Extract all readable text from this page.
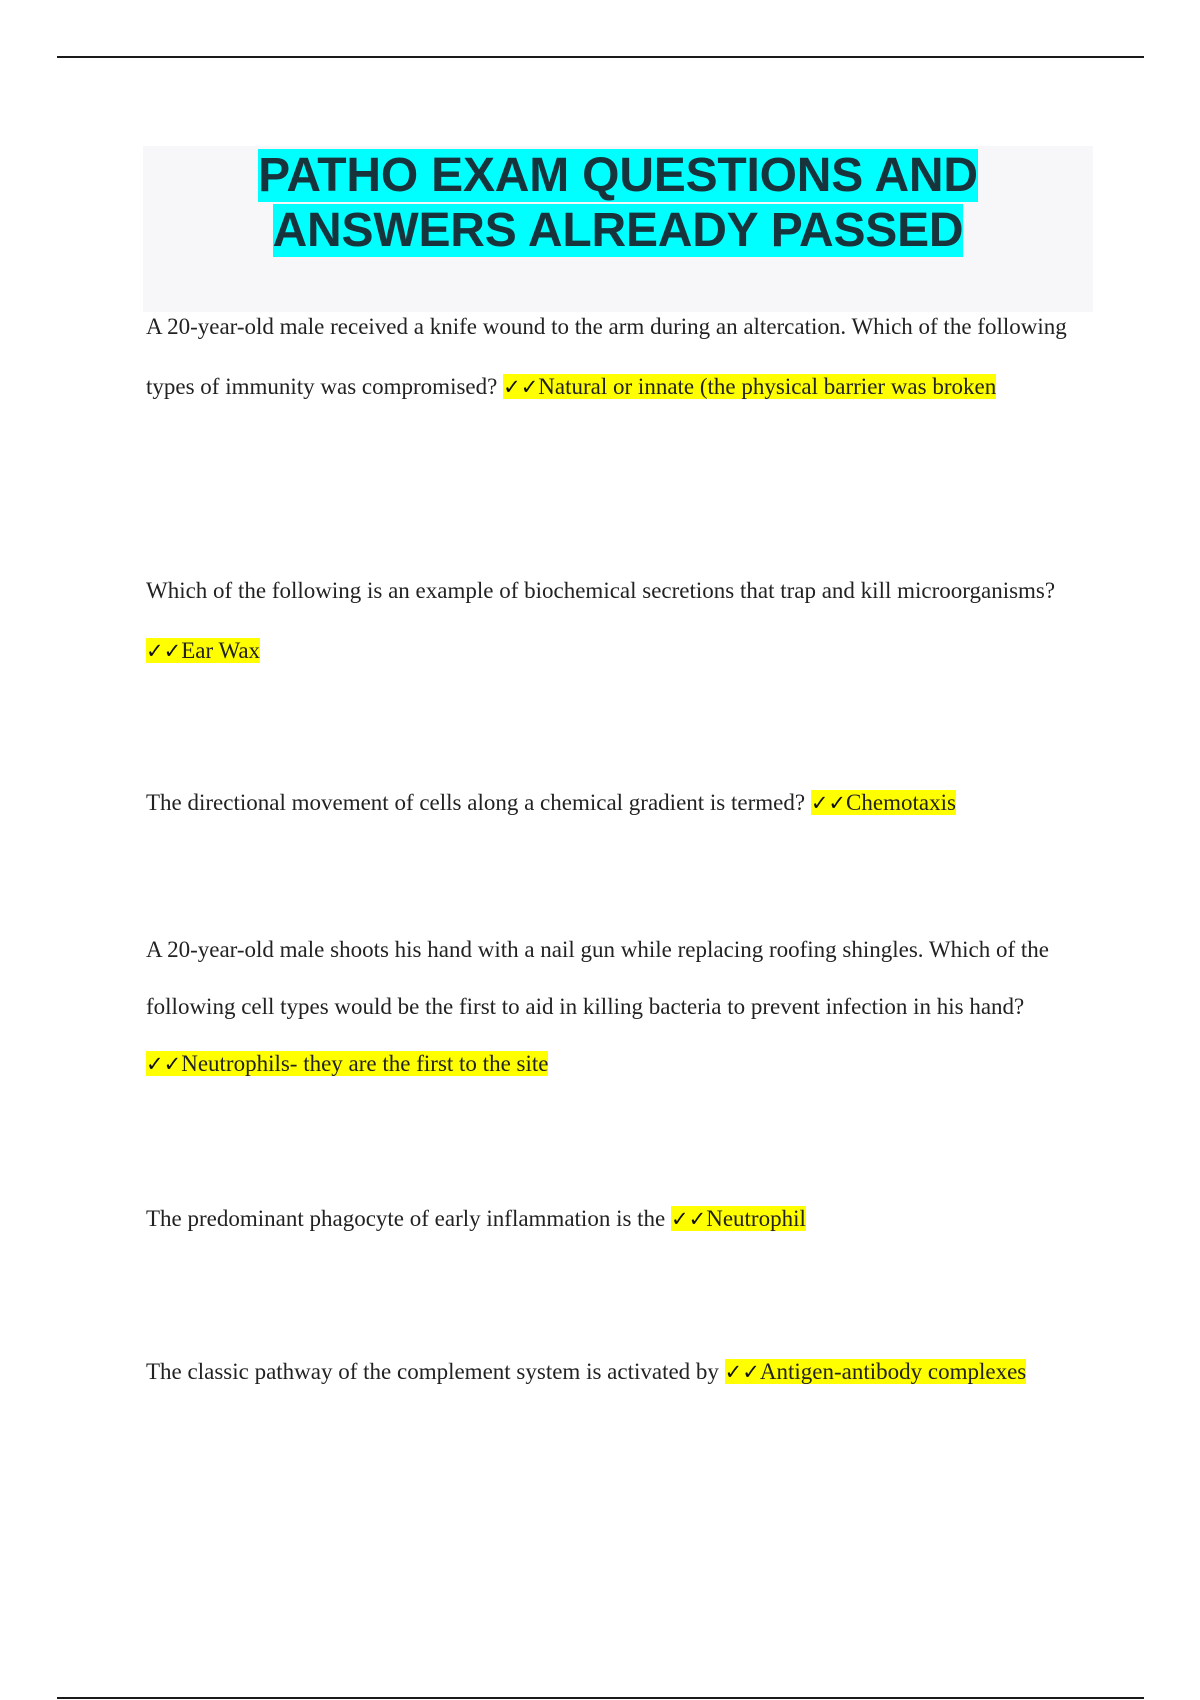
PATHO EXAM QUESTIONS AND ANSWERS ALREADY PASSED

A 20-year-old male received a knife wound to the arm during an altercation. Which of the following types of immunity was compromised? ✓✓Natural or innate (the physical barrier was broken

Which of the following is an example of biochemical secretions that trap and kill microorganisms? ✓✓Ear Wax

The directional movement of cells along a chemical gradient is termed? ✓✓Chemotaxis

A 20-year-old male shoots his hand with a nail gun while replacing roofing shingles. Which of the following cell types would be the first to aid in killing bacteria to prevent infection in his hand? ✓✓Neutrophils- they are the first to the site

The predominant phagocyte of early inflammation is the ✓✓Neutrophil

The classic pathway of the complement system is activated by ✓✓Antigen-antibody complexes
